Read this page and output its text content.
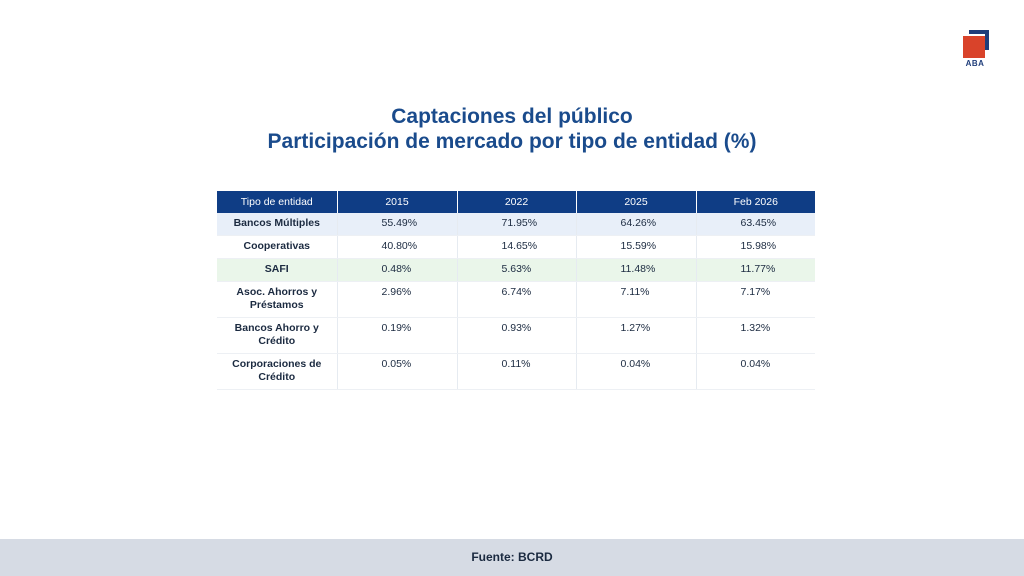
ABA
Captaciones del público
Participación de mercado por tipo de entidad (%)
Tipo de entidad	2015	2022	2025	Feb 2026
Bancos Múltiples	55.49%	71.95%	64.26%	63.45%
Cooperativas	40.80%	14.65%	15.59%	15.98%
SAFI	0.48%	5.63%	11.48%	11.77%
Asoc. Ahorros y Préstamos	2.96%	6.74%	7.11%	7.17%
Bancos Ahorro y Crédito	0.19%	0.93%	1.27%	1.32%
Corporaciones de Crédito	0.05%	0.11%	0.04%	0.04%
Fuente: BCRD
